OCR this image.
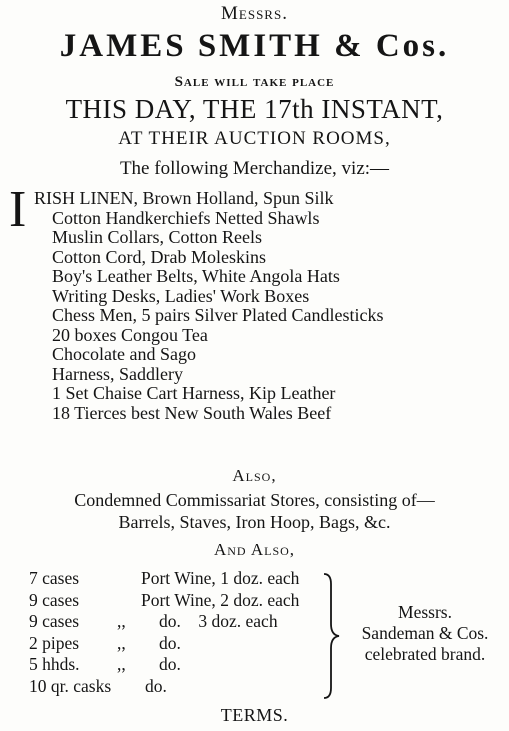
Messrs.
JAMES SMITH & Cos.
Sale will take place
THIS DAY, THE 17th INSTANT,
AT THEIR AUCTION ROOMS,
The following Merchandize, viz:—
I RISH LINEN, Brown Holland, Spun Silk
Cotton Handkerchiefs Netted Shawls
Muslin Collars, Cotton Reels
Cotton Cord, Drab Moleskins
Boy's Leather Belts, White Angola Hats
Writing Desks, Ladies' Work Boxes
Chess Men, 5 pairs Silver Plated Candlesticks
20 boxes Congou Tea
Chocolate and Sago
Harness, Saddlery
1 Set Chaise Cart Harness, Kip Leather
18 Tierces best New South Wales Beef
Also,
Condemned Commissariat Stores, consisting of—
Barrels, Staves, Iron Hoop, Bags, &c.
And Also,
7 cases	Port Wine, 1 doz. each
9 cases	Port Wine, 2 doz. each
9 cases ,, do.    3 doz. each
2 pipes ,, do.
5 hhds. ,, do.
10 qr. casks do.
Messrs.
Sandeman & Cos.
celebrated brand.
TERMS.
